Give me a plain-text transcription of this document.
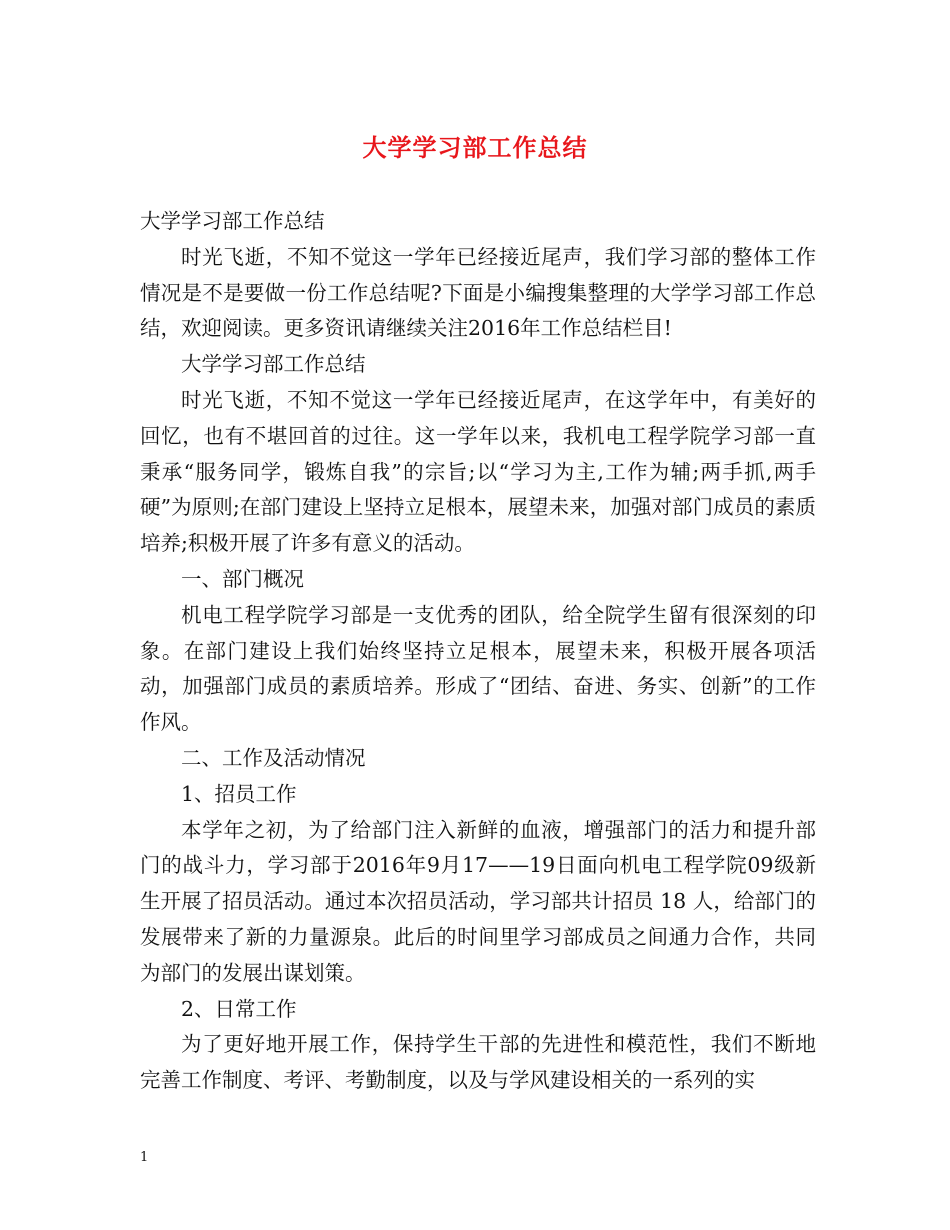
大学学习部工作总结

大学学习部工作总结

时光飞逝，不知不觉这一学年已经接近尾声，我们学习部的整体工作情况是不是要做一份工作总结呢?下面是小编搜集整理的大学学习部工作总结，欢迎阅读。更多资讯请继续关注2016年工作总结栏目!

大学学习部工作总结

时光飞逝，不知不觉这一学年已经接近尾声，在这学年中，有美好的回忆，也有不堪回首的过往。这一学年以来，我机电工程学院学习部一直秉承“服务同学，锻炼自我”的宗旨;以“学习为主,工作为辅;两手抓,两手硬”为原则;在部门建设上坚持立足根本，展望未来，加强对部门成员的素质培养;积极开展了许多有意义的活动。

一、部门概况

机电工程学院学习部是一支优秀的团队，给全院学生留有很深刻的印象。在部门建设上我们始终坚持立足根本，展望未来，积极开展各项活动，加强部门成员的素质培养。形成了“团结、奋进、务实、创新”的工作作风。

二、工作及活动情况

1、招员工作

本学年之初，为了给部门注入新鲜的血液，增强部门的活力和提升部门的战斗力，学习部于2016年9月17——19日面向机电工程学院09级新生开展了招员活动。通过本次招员活动，学习部共计招员 18 人，给部门的发展带来了新的力量源泉。此后的时间里学习部成员之间通力合作，共同为部门的发展出谋划策。

2、日常工作

为了更好地开展工作，保持学生干部的先进性和模范性，我们不断地完善工作制度、考评、考勤制度，以及与学风建设相关的一系列的实

1
